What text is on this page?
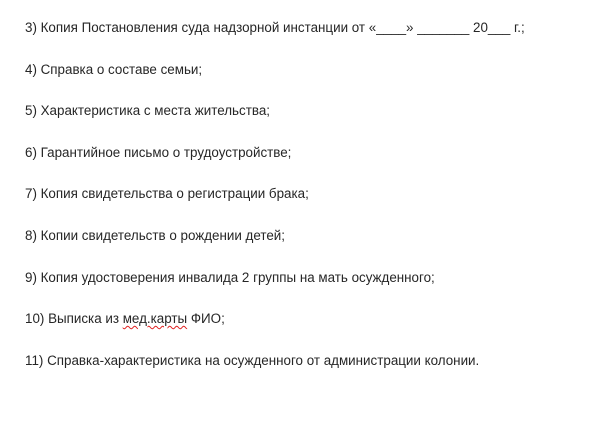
3) Копия Постановления суда надзорной инстанции от «____» _______ 20___ г.;
4) Справка о составе семьи;
5) Характеристика с места жительства;
6) Гарантийное письмо о трудоустройстве;
7) Копия свидетельства о регистрации брака;
8) Копии свидетельств о рождении детей;
9) Копия удостоверения инвалида 2 группы на мать осужденного;
10) Выписка из мед.карты ФИО;
11) Справка-характеристика на осужденного от администрации колонии.
